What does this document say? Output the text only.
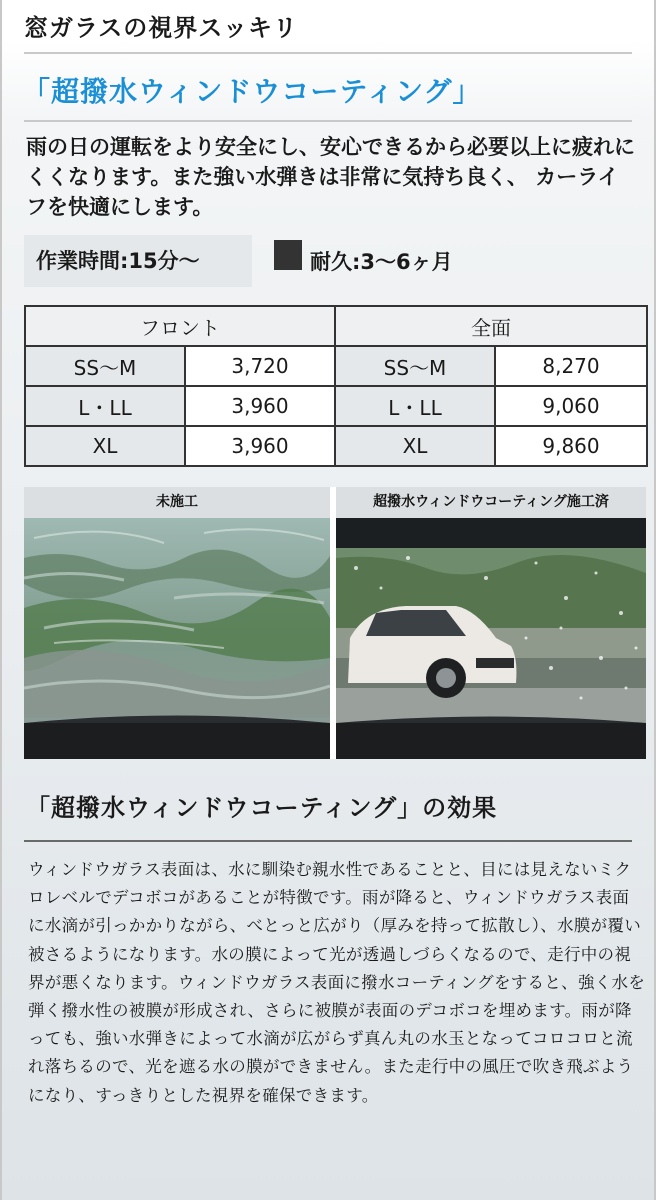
窓ガラスの視界スッキリ
「超撥水ウィンドウコーティング」
雨の日の運転をより安全にし、安心できるから必要以上に疲れにくくなります。また強い水弾きは非常に気持ち良く、 カーライフを快適にします。
作業時間:15分〜	耐久:3〜6ヶ月
フロント		全面	
SS〜M	3,720	SS〜M	8,270
L・LL	3,960	L・LL	9,060
XL	3,960	XL	9,860
未施工	超撥水ウィンドウコーティング施工済
「超撥水ウィンドウコーティング」の効果
ウィンドウガラス表面は、水に馴染む親水性であることと、目には見えないミクロレベルでデコボコがあることが特徴です。雨が降ると、ウィンドウガラス表面に水滴が引っかかりながら、べとっと広がり（厚みを持って拡散し）、水膜が覆い被さるようになります。水の膜によって光が透過しづらくなるので、走行中の視界が悪くなります。ウィンドウガラス表面に撥水コーティングをすると、強く水を弾く撥水性の被膜が形成され、さらに被膜が表面のデコボコを埋めます。雨が降っても、強い水弾きによって水滴が広がらず真ん丸の水玉となってコロコロと流れ落ちるので、光を遮る水の膜ができません。また走行中の風圧で吹き飛ぶようになり、すっきりとした視界を確保できます。
